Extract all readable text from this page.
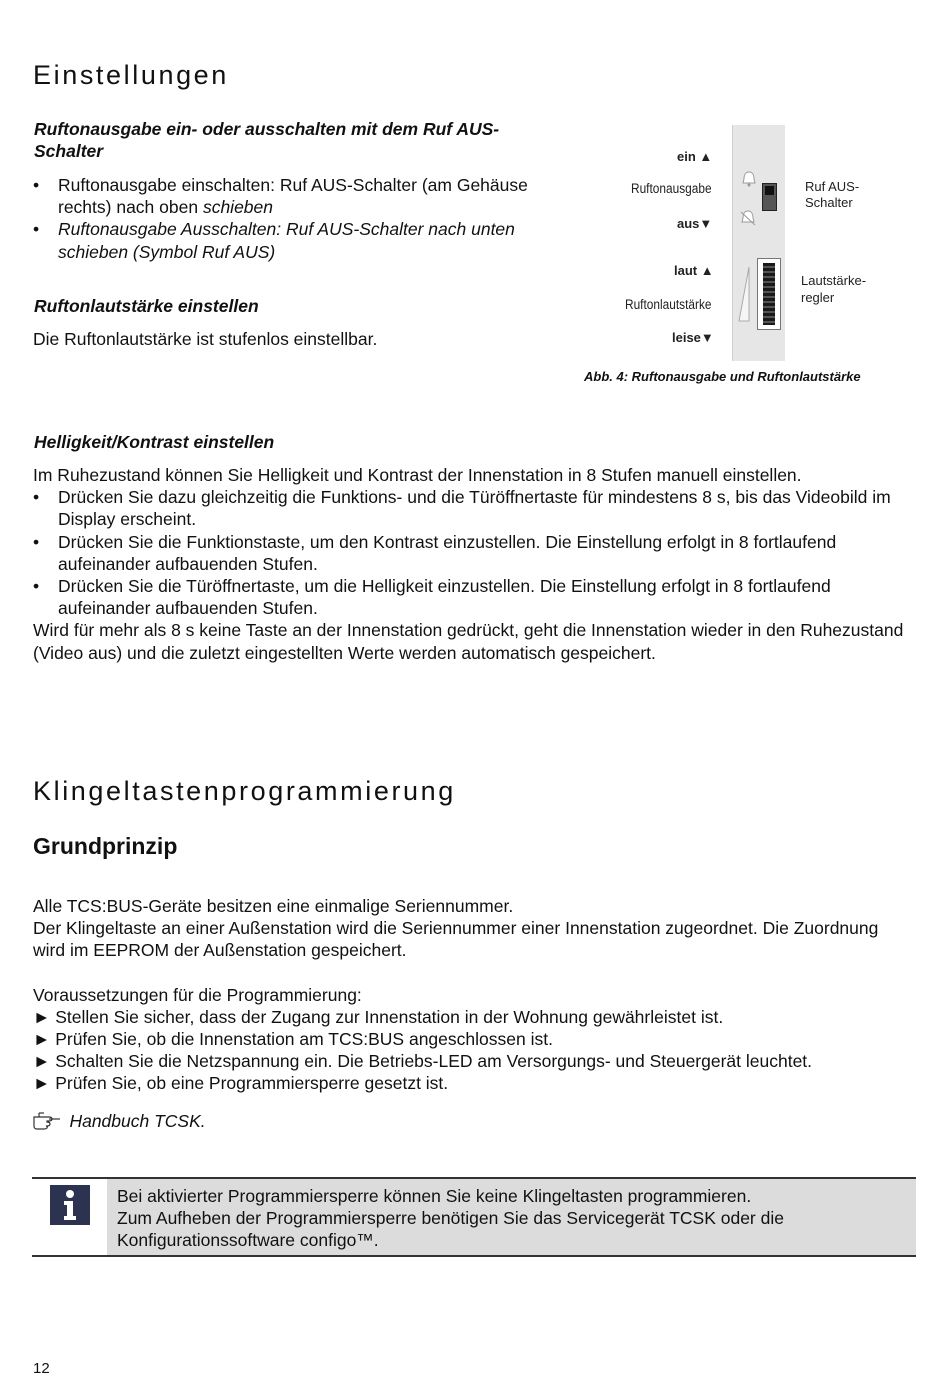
Einstellungen
Ruftonausgabe ein- oder ausschalten mit dem Ruf AUS-Schalter
•	Ruftonausgabe einschalten: Ruf AUS-Schalter (am Gehäuse rechts) nach oben schieben
•	Ruftonausgabe Ausschalten: Ruf AUS-Schalter nach unten schieben (Symbol Ruf AUS)
Ruftonlautstärke einstellen

Die Ruftonlautstärke ist stufenlos einstellbar.

ein ▲
Ruftonausgabe
aus▼
Ruf AUS-
Schalter
laut ▲
Ruftonlautstärke
leise▼
Lautstärke-
regler
Abb. 4: Ruftonausgabe und Ruftonlautstärke
Helligkeit/Kontrast einstellen

Im Ruhezustand können Sie Helligkeit und Kontrast der Innenstation in 8 Stufen manuell einstellen.

•	Drücken Sie dazu gleichzeitig die Funktions- und die Türöffnertaste für mindestens 8 s, bis das Videobild im Display erscheint.
•	Drücken Sie die Funktionstaste, um den Kontrast einzustellen. Die Einstellung erfolgt in 8 fortlaufend aufeinander aufbauenden Stufen.
•	Drücken Sie die Türöffnertaste, um die Helligkeit einzustellen. Die Einstellung erfolgt in 8 fortlaufend aufeinander aufbauenden Stufen.

Wird für mehr als 8 s keine Taste an der Innenstation gedrückt, geht die Innenstation wieder in den Ruhezustand (Video aus) und die zuletzt eingestellten Werte werden automatisch gespeichert.

Klingeltastenprogrammierung
Grundprinzip

Alle TCS:BUS-Geräte besitzen eine einmalige Seriennummer.

Der Klingeltaste an einer Außenstation wird die Seriennummer einer Innenstation zugeordnet. Die Zuordnung wird im EEPROM der Außenstation gespeichert.

Voraussetzungen für die Programmierung:

► Stellen Sie sicher, dass der Zugang zur Innenstation in der Wohnung gewährleistet ist.
► Prüfen Sie, ob die Innenstation am TCS:BUS angeschlossen ist.
► Schalten Sie die Netzspannung ein. Die Betriebs-LED am Versorgungs- und Steuergerät leuchtet.
► Prüfen Sie, ob eine Programmiersperre gesetzt ist.
Handbuch TCSK.
Bei aktivierter Programmiersperre können Sie keine Klingeltasten programmieren.
Zum Aufheben der Programmiersperre benötigen Sie das Servicegerät TCSK oder die Konfigurationssoftware configo™.
12
